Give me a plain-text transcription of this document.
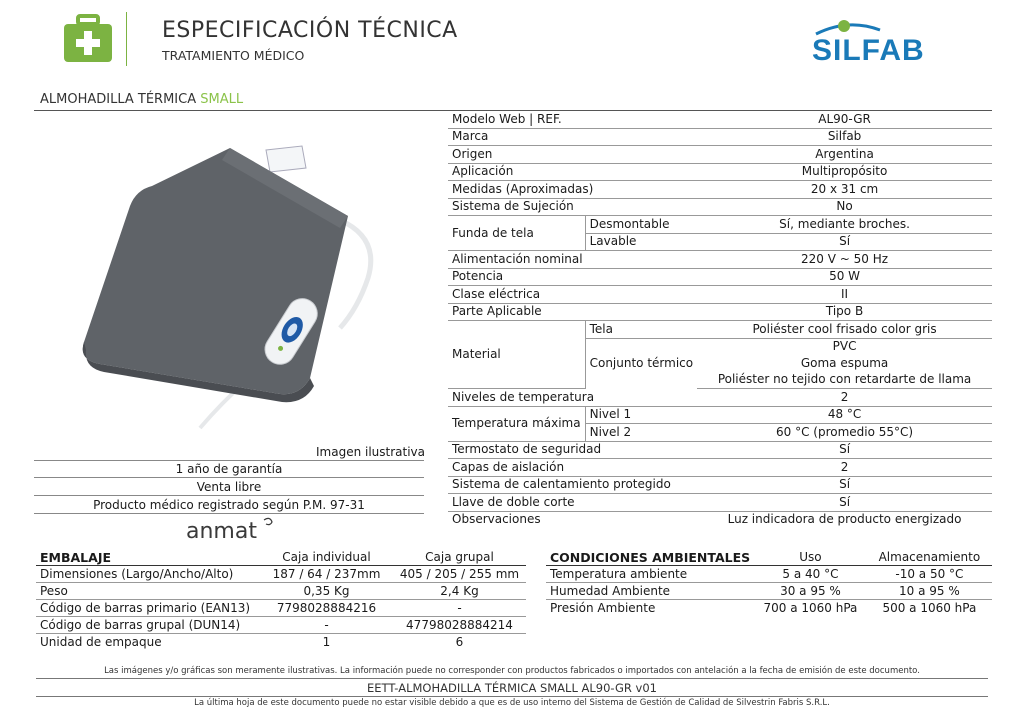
ESPECIFICACIÓN TÉCNICA
TRATAMIENTO MÉDICO	SILFAB
ALMOHADILLA TÉRMICA SMALL
Imagen ilustrativa
1 año de garantía
Venta libre
Producto médico registrado según P.M. 97-31
anmat
Modelo Web | REF.		AL90-GR
Marca		Silfab
Origen		Argentina
Aplicación		Multipropósito
Medidas (Aproximadas)		20 x 31 cm
Sistema de Sujeción		No
Funda de tela	Desmontable	Sí, mediante broches.
	Lavable	Sí
Alimentación nominal		220 V ~ 50 Hz
Potencia		50 W
Clase eléctrica		II
Parte Aplicable		Tipo B
Material	Tela	Poliéster cool frisado color gris
	Conjunto térmico	PVC
		Goma espuma
		Poliéster no tejido con retardarte de llama
Niveles de temperatura		2
Temperatura máxima	Nivel 1	48 °C
	Nivel 2	60 °C (promedio 55°C)
Termostato de seguridad		Sí
Capas de aislación		2
Sistema de calentamiento protegido		Sí
Llave de doble corte		Sí
Observaciones		Luz indicadora de producto energizado
EMBALAJE	Caja individual	Caja grupal
Dimensiones (Largo/Ancho/Alto)	187 / 64 / 237mm	405 / 205 / 255 mm
Peso	0,35 Kg	2,4 Kg
Código de barras primario (EAN13)	7798028884216	-
Código de barras grupal (DUN14)	-	47798028884214
Unidad de empaque	1	6
CONDICIONES AMBIENTALES	Uso	Almacenamiento
Temperatura ambiente	5 a 40 °C	-10 a 50 °C
Humedad Ambiente	30 a 95 %	10 a 95 %
Presión Ambiente	700 a 1060 hPa	500 a 1060 hPa
Las imágenes y/o gráficas son meramente ilustrativas. La información puede no corresponder con productos fabricados o importados con antelación a la fecha de emisión de este documento.
EETT-ALMOHADILLA TÉRMICA SMALL AL90-GR v01
La última hoja de este documento puede no estar visible debido a que es de uso interno del Sistema de Gestión de Calidad de Silvestrin Fabris S.R.L.
